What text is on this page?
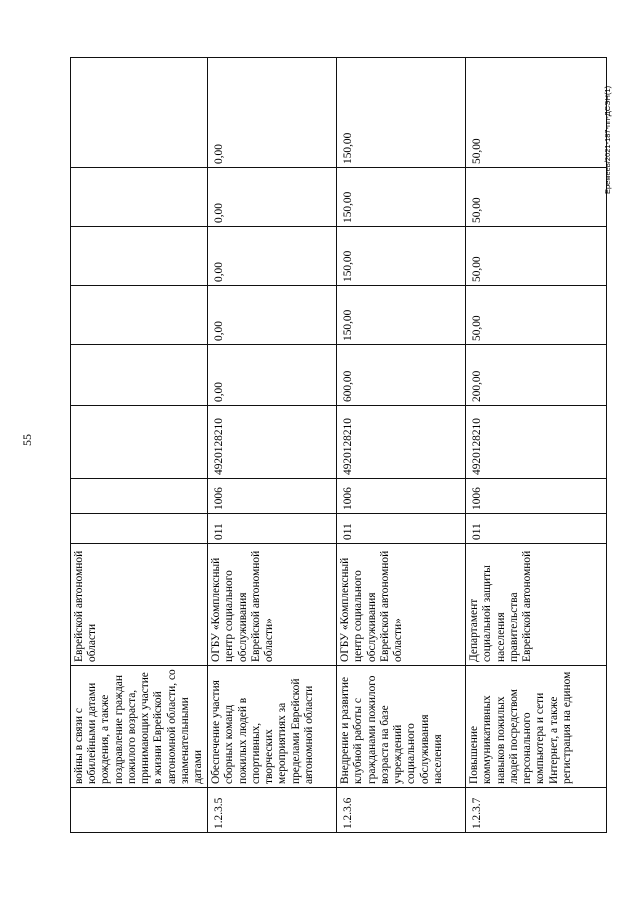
55
	войны в связи с юбилейными датами рождения, а также поздравление граждан пожилого возраста, принимающих участие в жизни Еврейской автономной области, со знаменательными датами	Еврейской автономной области								
1.2.3.5	Обеспечение участия сборных команд пожилых людей в спортивных, творческих мероприятиях за пределами Еврейской автономной области	ОГБУ «Комплексный центр социального обслуживания Еврейской автономной области»	011	1006	4920128210	0,00	0,00	0,00	0,00	0,00
1.2.3.6	Внедрение и развитие клубной работы с гражданами пожилого возраста на базе учреждений социального обслуживания населения	ОГБУ «Комплексный центр социального обслуживания Еврейской автономной области»	011	1006	4920128210	600,00	150,00	150,00	150,00	150,00
1.2.3.7	Повышение коммуникативных навыков пожилых людей посредством персонального компьютера и сети Интернет, а также регистрация на едином	Департамент социальной защиты населения правительства Еврейской автономной	011	1006	4920128210	200,00	50,00	50,00	50,00	50,00	Еремеев/2021-187-пп-ДСЭН(1)
